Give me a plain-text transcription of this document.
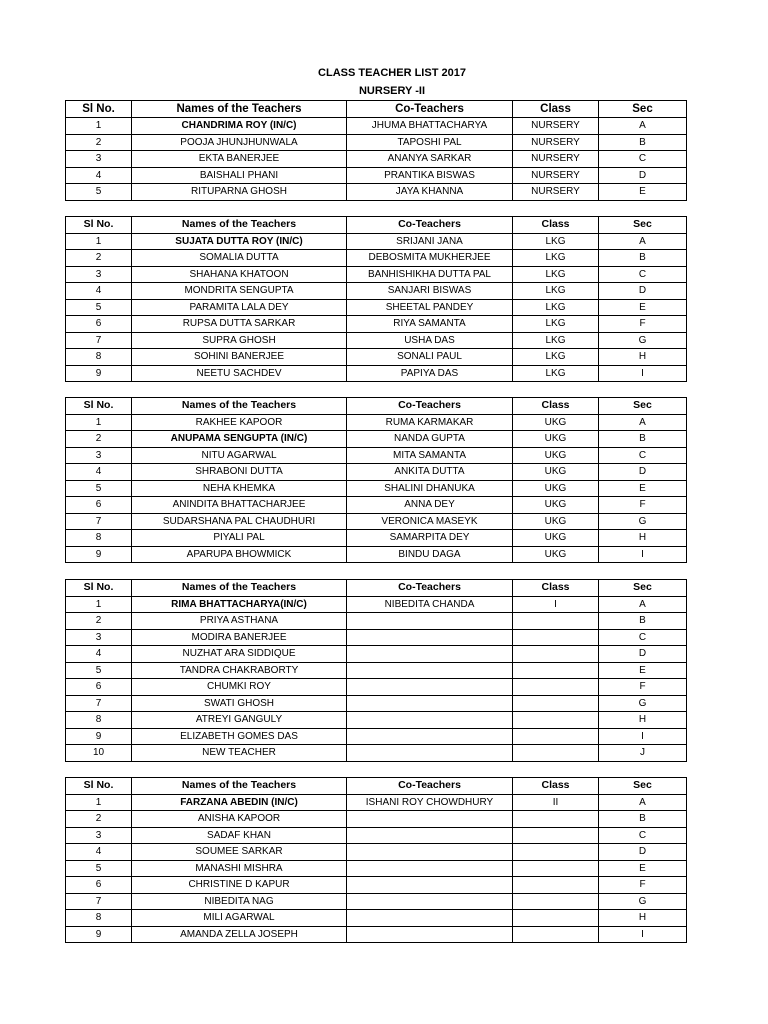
CLASS TEACHER LIST 2017
NURSERY -II
Sl No.	Names of the Teachers	Co-Teachers	Class	Sec
1	CHANDRIMA ROY (IN/C)	JHUMA BHATTACHARYA	NURSERY	A
2	POOJA JHUNJHUNWALA	TAPOSHI PAL	NURSERY	B
3	EKTA BANERJEE	ANANYA SARKAR	NURSERY	C
4	BAISHALI PHANI	PRANTIKA BISWAS	NURSERY	D
5	RITUPARNA GHOSH	JAYA KHANNA	NURSERY	E
Sl No.	Names of the Teachers	Co-Teachers	Class	Sec
1	SUJATA DUTTA ROY (IN/C)	SRIJANI JANA	LKG	A
2	SOMALIA DUTTA	DEBOSMITA MUKHERJEE	LKG	B
3	SHAHANA KHATOON	BANHISHIKHA DUTTA PAL	LKG	C
4	MONDRITA SENGUPTA	SANJARI BISWAS	LKG	D
5	PARAMITA LALA DEY	SHEETAL PANDEY	LKG	E
6	RUPSA DUTTA SARKAR	RIYA SAMANTA	LKG	F
7	SUPRA GHOSH	USHA DAS	LKG	G
8	SOHINI BANERJEE	SONALI PAUL	LKG	H
9	NEETU SACHDEV	PAPIYA DAS	LKG	I
Sl No.	Names of the Teachers	Co-Teachers	Class	Sec
1	RAKHEE KAPOOR	RUMA KARMAKAR	UKG	A
2	ANUPAMA SENGUPTA (IN/C)	NANDA GUPTA	UKG	B
3	NITU AGARWAL	MITA SAMANTA	UKG	C
4	SHRABONI DUTTA	ANKITA DUTTA	UKG	D
5	NEHA KHEMKA	SHALINI DHANUKA	UKG	E
6	ANINDITA BHATTACHARJEE	ANNA DEY	UKG	F
7	SUDARSHANA PAL CHAUDHURI	VERONICA MASEYK	UKG	G
8	PIYALI PAL	SAMARPITA DEY	UKG	H
9	APARUPA BHOWMICK	BINDU DAGA	UKG	I
Sl No.	Names of the Teachers	Co-Teachers	Class	Sec
1	RIMA BHATTACHARYA(IN/C)	NIBEDITA CHANDA	I	A
2	PRIYA ASTHANA			B
3	MODIRA BANERJEE			C
4	NUZHAT ARA SIDDIQUE			D
5	TANDRA CHAKRABORTY			E
6	CHUMKI ROY			F
7	SWATI GHOSH			G
8	ATREYI GANGULY			H
9	ELIZABETH GOMES DAS			I
10	NEW TEACHER			J
Sl No.	Names of the Teachers	Co-Teachers	Class	Sec
1	FARZANA ABEDIN (IN/C)	ISHANI ROY CHOWDHURY	II	A
2	ANISHA KAPOOR			B
3	SADAF KHAN			C
4	SOUMEE SARKAR			D
5	MANASHI MISHRA			E
6	CHRISTINE D KAPUR			F
7	NIBEDITA NAG			G
8	MILI AGARWAL			H
9	AMANDA ZELLA JOSEPH			I
